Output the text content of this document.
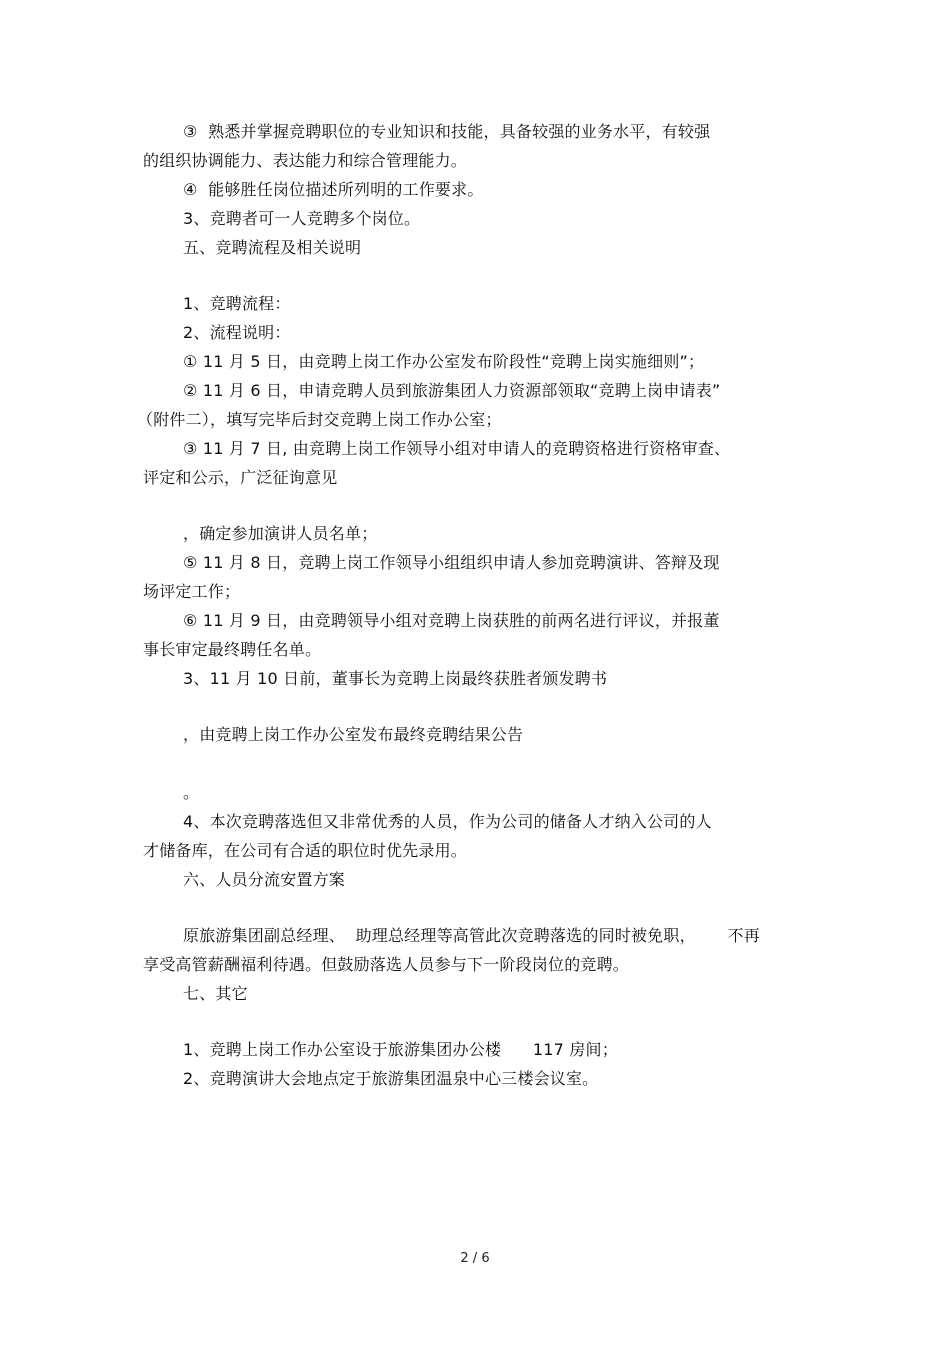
③  熟悉并掌握竞聘职位的专业知识和技能，具备较强的业务水平，有较强
的组织协调能力、表达能力和综合管理能力。
④  能够胜任岗位描述所列明的工作要求。
3、竞聘者可一人竞聘多个岗位。
五、竞聘流程及相关说明
1、竞聘流程：
2、流程说明：
① 11 月 5 日，由竞聘上岗工作办公室发布阶段性“竞聘上岗实施细则”；
② 11 月 6 日，申请竞聘人员到旅游集团人力资源部领取“竞聘上岗申请表”
（附件二），填写完毕后封交竞聘上岗工作办公室；
③ 11 月 7 日, 由竞聘上岗工作领导小组对申请人的竞聘资格进行资格审查、
评定和公示，广泛征询意见
，确定参加演讲人员名单；
⑤ 11 月 8 日，竞聘上岗工作领导小组组织申请人参加竞聘演讲、答辩及现
场评定工作；
⑥ 11 月 9 日，由竞聘领导小组对竞聘上岗获胜的前两名进行评议，并报董
事长审定最终聘任名单。
3、11 月 10 日前，董事长为竞聘上岗最终获胜者颁发聘书
，由竞聘上岗工作办公室发布最终竞聘结果公告
。
4、本次竞聘落选但又非常优秀的人员，作为公司的储备人才纳入公司的人
才储备库，在公司有合适的职位时优先录用。
六、人员分流安置方案
原旅游集团副总经理、  助理总经理等高管此次竞聘落选的同时被免职，      不再
享受高管薪酬福利待遇。但鼓励落选人员参与下一阶段岗位的竞聘。
七、其它
1、竞聘上岗工作办公室设于旅游集团办公楼      117 房间；
2、竞聘演讲大会地点定于旅游集团温泉中心三楼会议室。
2 / 6
